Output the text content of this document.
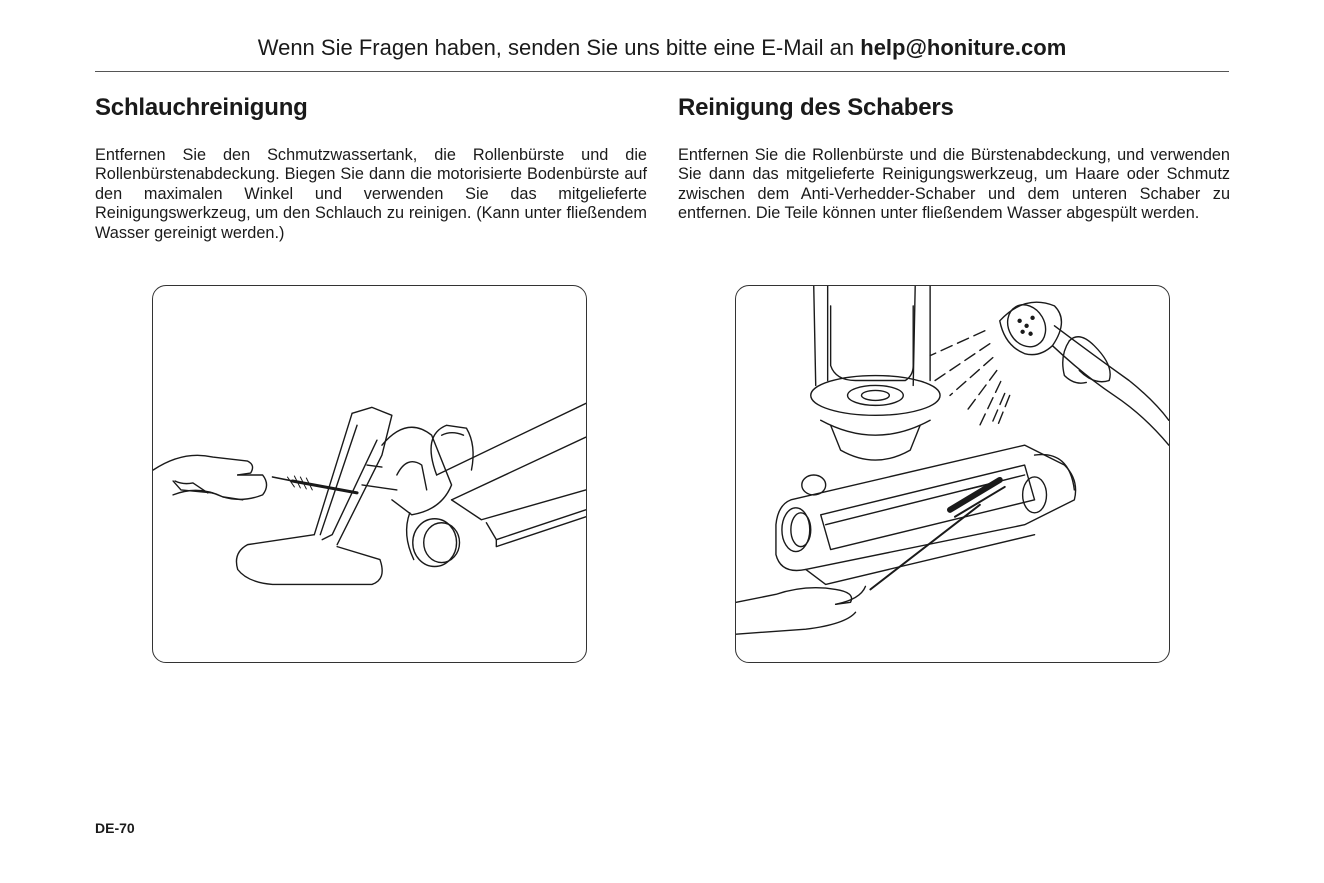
Wenn Sie Fragen haben, senden Sie uns bitte eine E-Mail an help@honiture.com
Schlauchreinigung

Entfernen Sie den Schmutzwassertank, die Rollenbürste und die Rollenbürstenabdeckung. Biegen Sie dann die motorisierte Bodenbürste auf den maximalen Winkel und verwenden Sie das mitgelieferte Reinigungswerkzeug, um den Schlauch zu reinigen. (Kann unter fließendem Wasser gereinigt werden.)

Reinigung des Schabers

Entfernen Sie die Rollenbürste und die Bürstenabdeckung, und verwenden Sie dann das mitgelieferte Reinigungswerkzeug, um Haare oder Schmutz zwischen dem Anti-Verhedder-Schaber und dem unteren Schaber zu entfernen. Die Teile können unter fließendem Wasser abgespült werden.

DE-70
